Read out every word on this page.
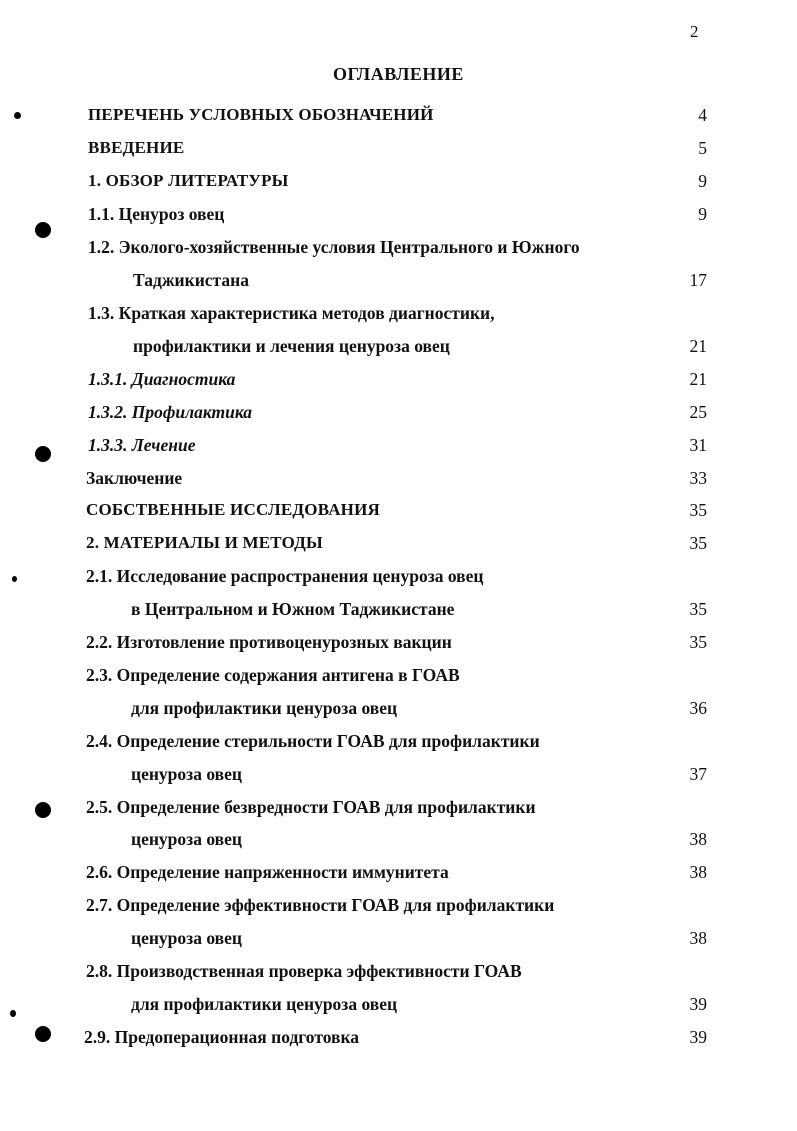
2
ОГЛАВЛЕНИЕ
ПЕРЕЧЕНЬ УСЛОВНЫХ ОБОЗНАЧЕНИЙ	4
ВВЕДЕНИЕ	5
1. ОБЗОР ЛИТЕРАТУРЫ	9
1.1. Ценуроз овец	9
1.2. Эколого-хозяйственные условия Центрального и Южного
Таджикистана	17
1.3. Краткая характеристика методов диагностики,
профилактики и лечения ценуроза овец	21
1.3.1. Диагностика	21
1.3.2. Профилактика	25
1.3.3. Лечение	31
Заключение	33
СОБСТВЕННЫЕ ИССЛЕДОВАНИЯ	35
2. МАТЕРИАЛЫ И МЕТОДЫ	35
2.1. Исследование распространения ценуроза овец
в Центральном и Южном Таджикистане	35
2.2. Изготовление противоценурозных вакцин	35
2.3. Определение содержания антигена в ГОАВ
для профилактики ценуроза овец	36
2.4. Определение стерильности ГОАВ для профилактики
ценуроза овец	37
2.5. Определение безвредности ГОАВ для профилактики
ценуроза овец	38
2.6. Определение напряженности иммунитета	38
2.7. Определение эффективности ГОАВ для профилактики
ценуроза овец	38
2.8. Производственная проверка эффективности ГОАВ
для профилактики ценуроза овец	39
2.9. Предоперационная подготовка	39
